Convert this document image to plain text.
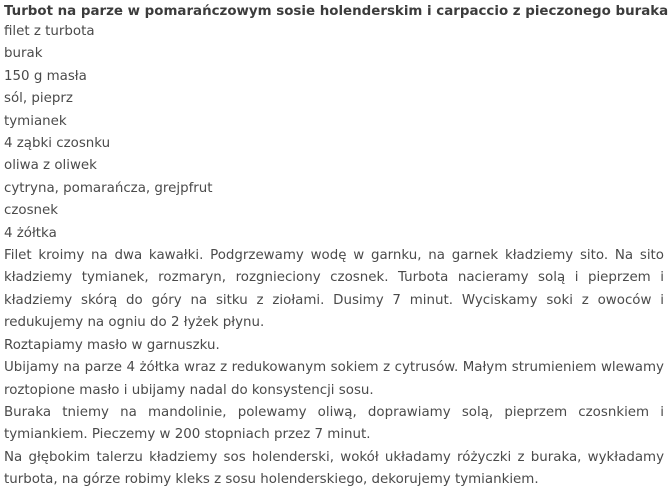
Turbot na parze w pomarańczowym sosie holenderskim i carpaccio z pieczonego buraka
filet z turbota
burak
150 g masła
sól, pieprz
tymianek
4 ząbki czosnku
oliwa z oliwek
cytryna, pomarańcza, grejpfrut
czosnek
4 żółtka
Filet kroimy na dwa kawałki. Podgrzewamy wodę w garnku, na garnek kładziemy sito. Na sito kładziemy tymianek, rozmaryn, rozgnieciony czosnek. Turbota nacieramy solą i pieprzem i kładziemy skórą do góry na sitku z ziołami. Dusimy 7 minut. Wyciskamy soki z owoców i redukujemy na ogniu do 2 łyżek płynu.
Roztapiamy masło w garnuszku.
Ubijamy na parze 4 żółtka wraz z redukowanym sokiem z cytrusów. Małym strumieniem wlewamy roztopione masło i ubijamy nadal do konsystencji sosu.
Buraka tniemy na mandolinie, polewamy oliwą, doprawiamy solą, pieprzem czosnkiem i tymiankiem. Pieczemy w 200 stopniach przez 7 minut.
Na głębokim talerzu kładziemy sos holenderski, wokół układamy różyczki z buraka, wykładamy turbota, na górze robimy kleks z sosu holenderskiego, dekorujemy tymiankiem.
